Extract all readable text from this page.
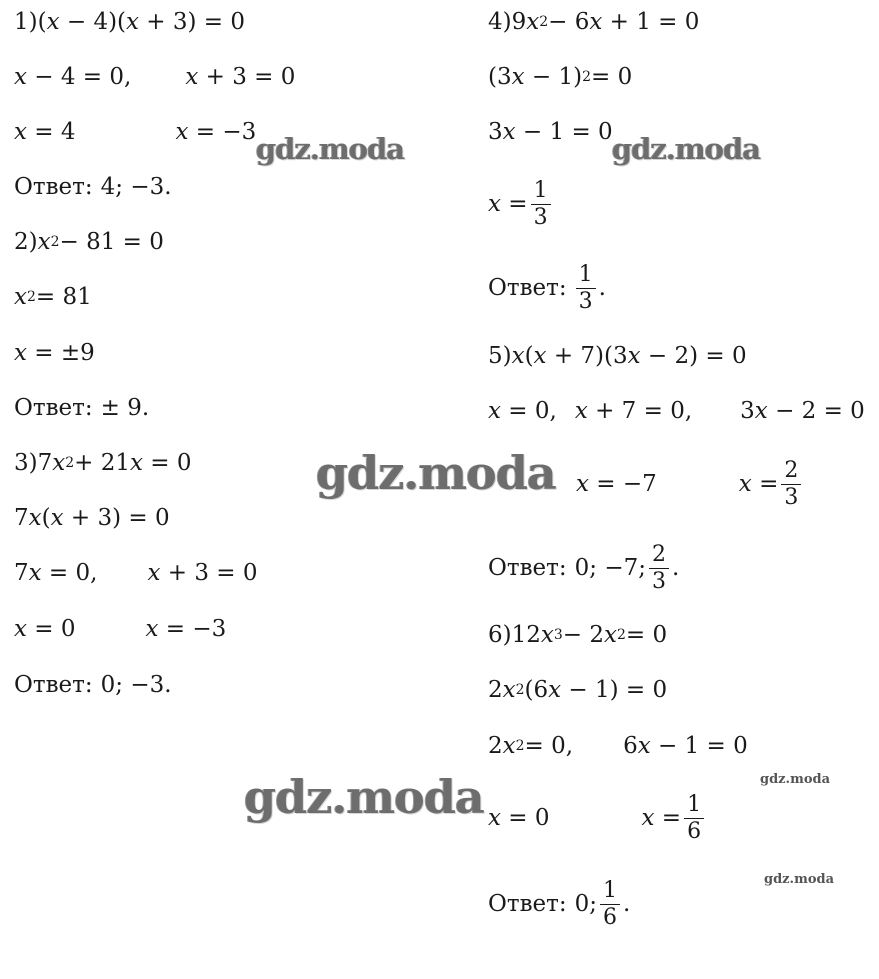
1) (𝑥 − 4)(𝑥 + 3) = 0
𝑥 − 4 = 0, 𝑥 + 3 = 0
𝑥 = 4	𝑥 = −3
Ответ: 4; −3.
2) 𝑥 2 − 81 = 0
𝑥 2 = 81
𝑥 = ±9
Ответ: ± 9.
3) 7𝑥 2 + 21𝑥 = 0
7𝑥(𝑥 + 3) = 0
7𝑥 = 0, 𝑥 + 3 = 0
𝑥 = 0	𝑥 = −3
Ответ: 0; −3.
4) 9𝑥 2 − 6𝑥 + 1 = 0
(3𝑥 − 1) 2 = 0
3𝑥 − 1 = 0
𝑥 = $\frac{1}{3}$
Ответ: $\frac{1}{3}$ .
5) 𝑥(𝑥 + 7)(3𝑥 − 2) = 0
𝑥 = 0, 𝑥 + 7 = 0, 3𝑥 − 2 = 0
𝑥 = −7	𝑥 = $\frac{2}{3}$
Ответ: 0; −7; $\frac{2}{3}$ .
6) 12𝑥 3 − 2𝑥 2 = 0
2𝑥 2 (6𝑥 − 1) = 0
2𝑥 2 = 0, 6𝑥 − 1 = 0
𝑥 = 0	𝑥 = $\frac{1}{6}$
Ответ: 0; $\frac{1}{6}$ .
gdz.moda	gdz.moda
gdz.moda
gdz.moda	gdz.moda
gdz.moda
